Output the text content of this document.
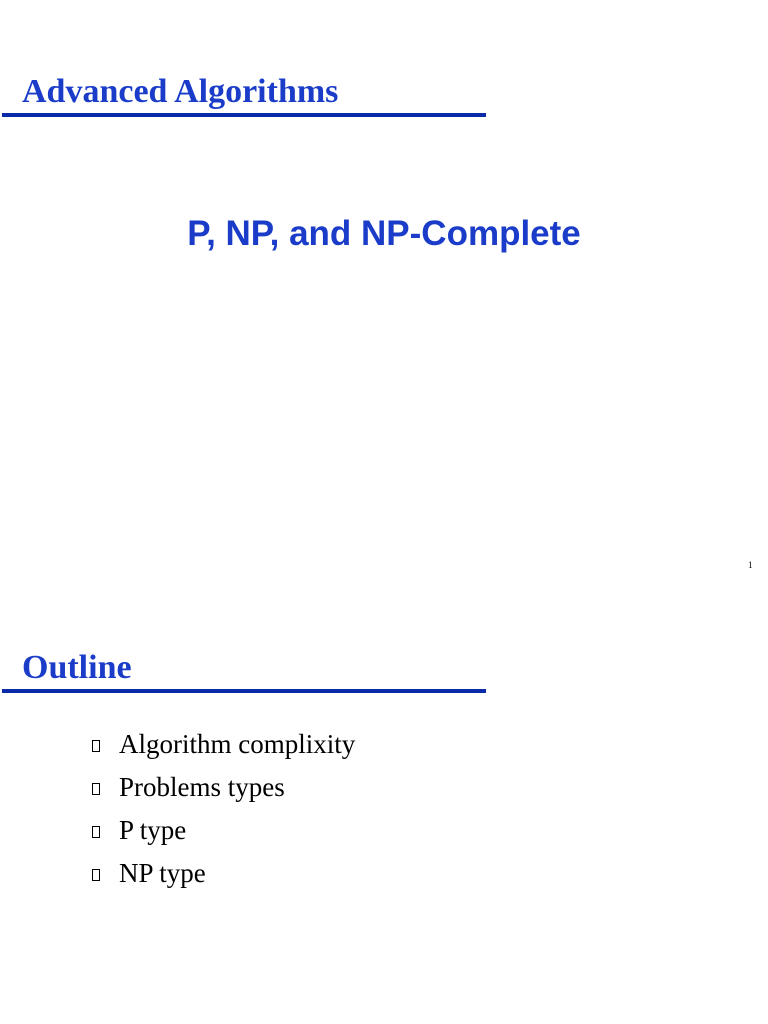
Advanced Algorithms
P, NP, and NP-Complete
1
Outline
Algorithm complixity
Problems types
P type
NP type
